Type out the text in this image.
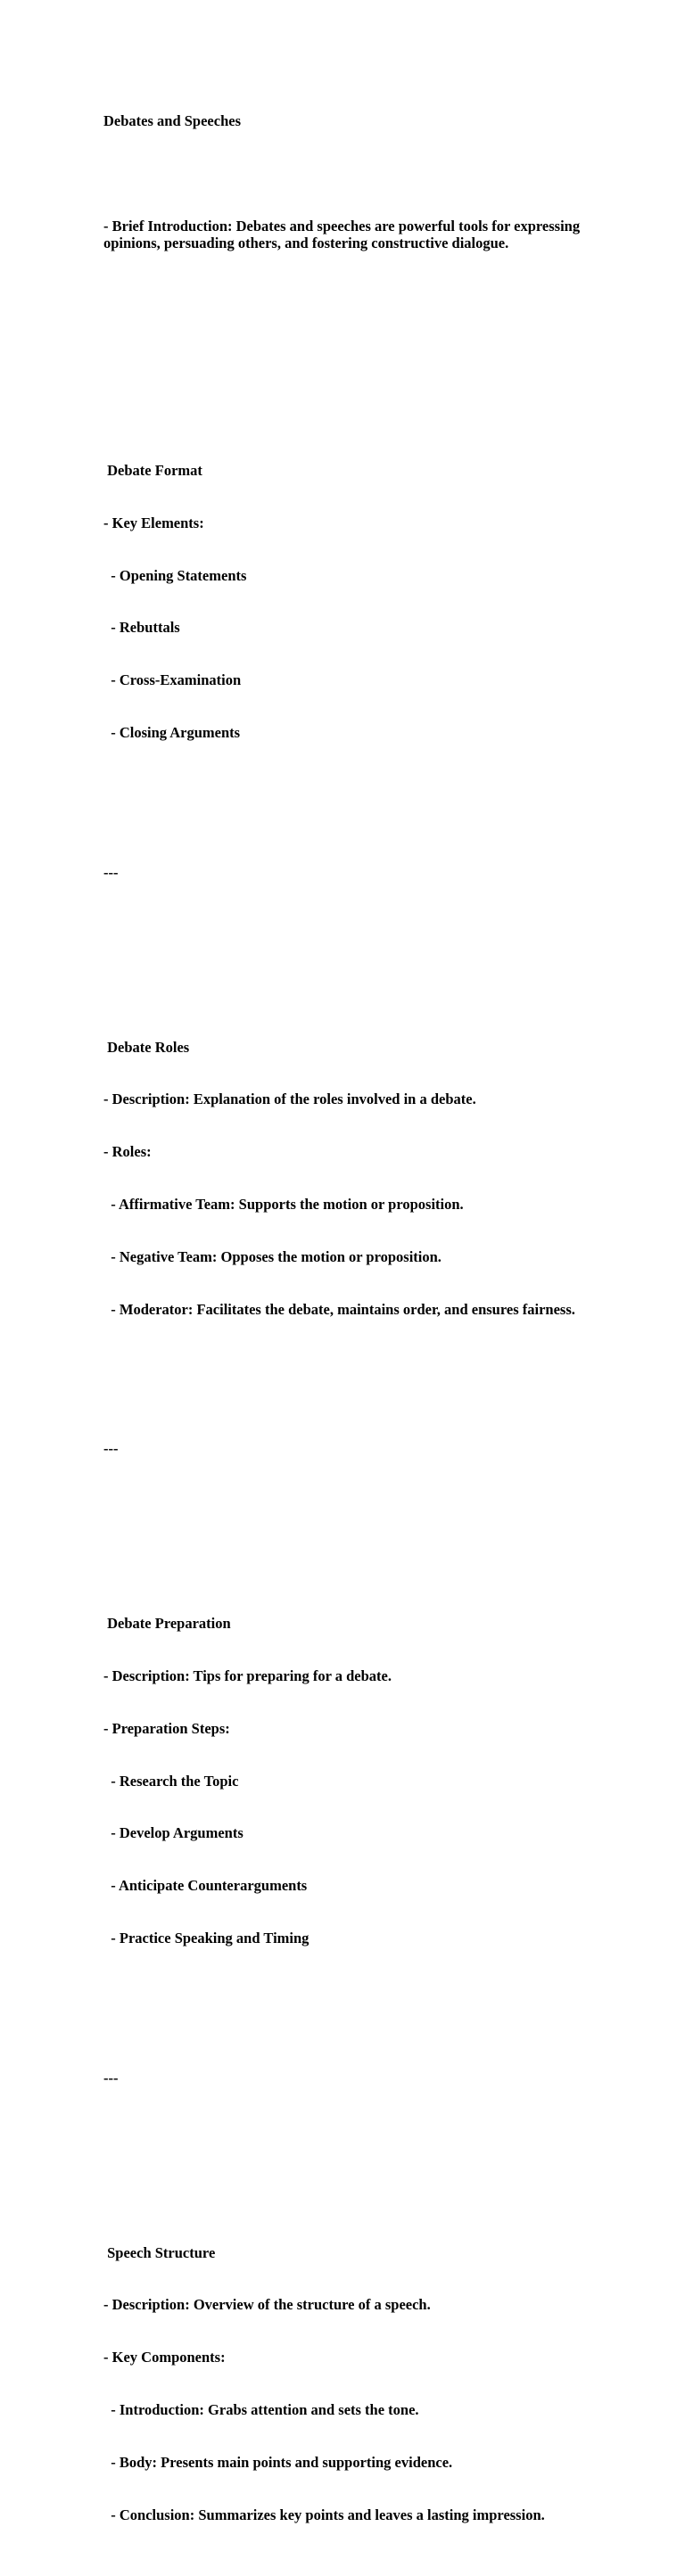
Debates and Speeches

- Brief Introduction: Debates and speeches are powerful tools for expressing opinions, persuading others, and fostering constructive dialogue.

Debate Format

- Key Elements:

- Opening Statements

- Rebuttals

- Cross-Examination

- Closing Arguments

---

Debate Roles

- Description: Explanation of the roles involved in a debate.

- Roles:

- Affirmative Team: Supports the motion or proposition.

- Negative Team: Opposes the motion or proposition.

- Moderator: Facilitates the debate, maintains order, and ensures fairness.

---

Debate Preparation

- Description: Tips for preparing for a debate.

- Preparation Steps:

- Research the Topic

- Develop Arguments

- Anticipate Counterarguments

- Practice Speaking and Timing

---

Speech Structure

- Description: Overview of the structure of a speech.

- Key Components:

- Introduction: Grabs attention and sets the tone.

- Body: Presents main points and supporting evidence.

- Conclusion: Summarizes key points and leaves a lasting impression.
